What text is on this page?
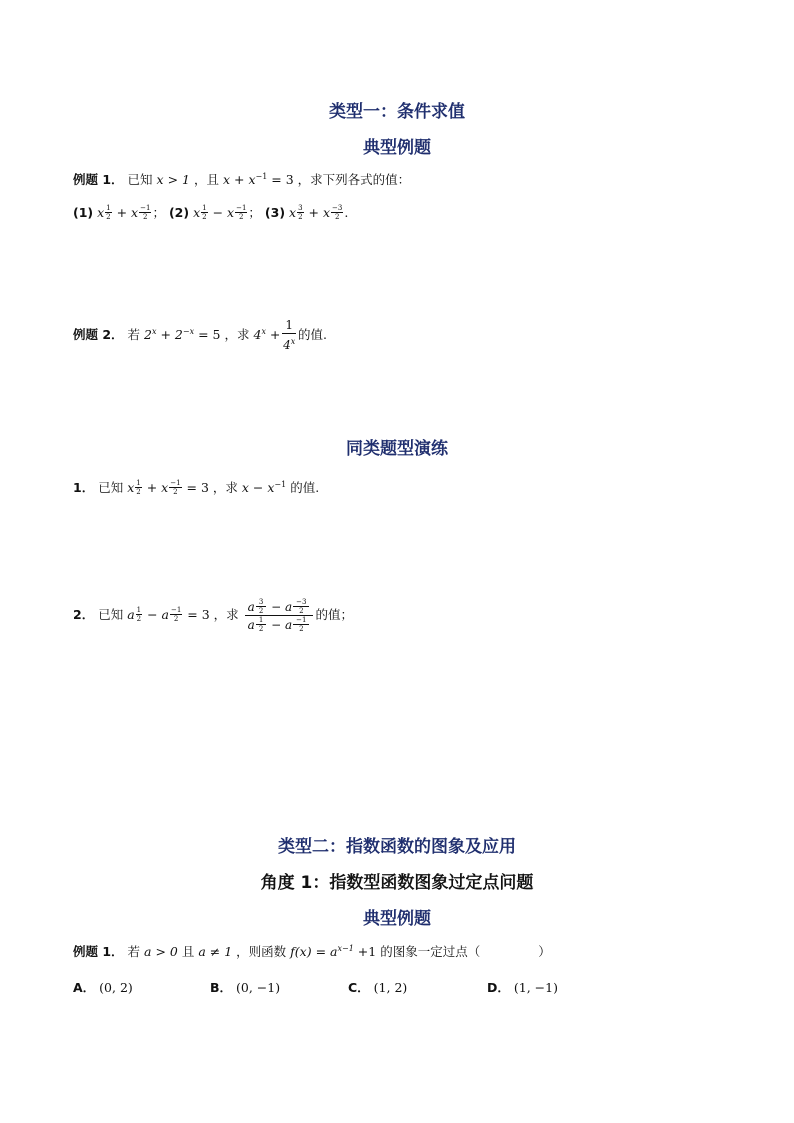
类型一：条件求值
典型例题
例题 1． 已知 x > 1 ，且 $x + x^{-1} = 3$ ，求下列各式的值：
(1) x $\frac{1}{2} + x \frac{-1}{2}$ ； (2) x $\frac{1}{2} - x \frac{-1}{2}$ ； (3) x $\frac{3}{2} + x \frac{-3}{2}$ .
例题 2． 若 $2^x + 2^{-x} = 5$ ，求 $4^x + \frac{1}{4^x}$ 的值.
同类题型演练
1． 已知 x $\frac{1}{2} + x \frac{-1}{2} = 3$ ，求 $x - x^{-1}$ 的值.
2． 已知 a $\frac{1}{2} - a \frac{-1}{2} = 3$ ，求 $\frac{a \frac{3}{2} - a \frac{-3}{2}}{a \frac{1}{2} - a \frac{-1}{2}}$ 的值；
类型二：指数函数的图象及应用
角度 1：指数型函数图象过定点问题
典型例题
例题 1． 若 a > 0 且 a ≠ 1 ，则函数 $f(x) = a^{x-1} +1$ 的图象一定过点（	）
A． (0, 2)	B． (0, −1)	C． (1, 2)	D． (1, −1)
